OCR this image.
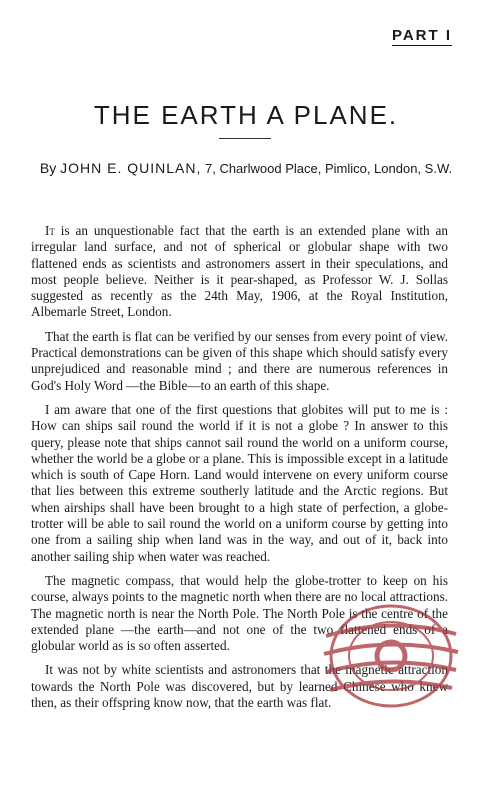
PART I
THE EARTH A PLANE.
By JOHN E. QUINLAN, 7, Charlwood Place, Pimlico, London, S.W.

It is an unquestionable fact that the earth is an extended plane with an irregular land surface, and not of spherical or globular shape with two flattened ends as scientists and astronomers assert in their speculations, and most people believe. Neither is it pear-shaped, as Professor W. J. Sollas suggested as recently as the 24th May, 1906, at the Royal Institution, Albemarle Street, London.

That the earth is flat can be verified by our senses from every point of view. Practical demonstrations can be given of this shape which should satisfy every unprejudiced and reasonable mind ; and there are numerous references in God's Holy Word —the Bible—to an earth of this shape.

I am aware that one of the first questions that globites will put to me is : How can ships sail round the world if it is not a globe ? In answer to this query, please note that ships cannot sail round the world on a uniform course, whether the world be a globe or a plane. This is impossible except in a latitude which is south of Cape Horn. Land would intervene on every uniform course that lies between this extreme southerly latitude and the Arctic regions. But when airships shall have been brought to a high state of perfection, a globe-trotter will be able to sail round the world on a uniform course by getting into one from a sailing ship when land was in the way, and out of it, back into another sailing ship when water was reached.

The magnetic compass, that would help the globe-trotter to keep on his course, always points to the magnetic north when there are no local attractions. The magnetic north is near the North Pole. The North Pole is the centre of the extended plane —the earth—and not one of the two flattened ends of a globular world as is so often asserted.

It was not by white scientists and astronomers that the magnetic attraction towards the North Pole was discovered, but by learned Chinese who knew then, as their offspring know now, that the earth was flat.
